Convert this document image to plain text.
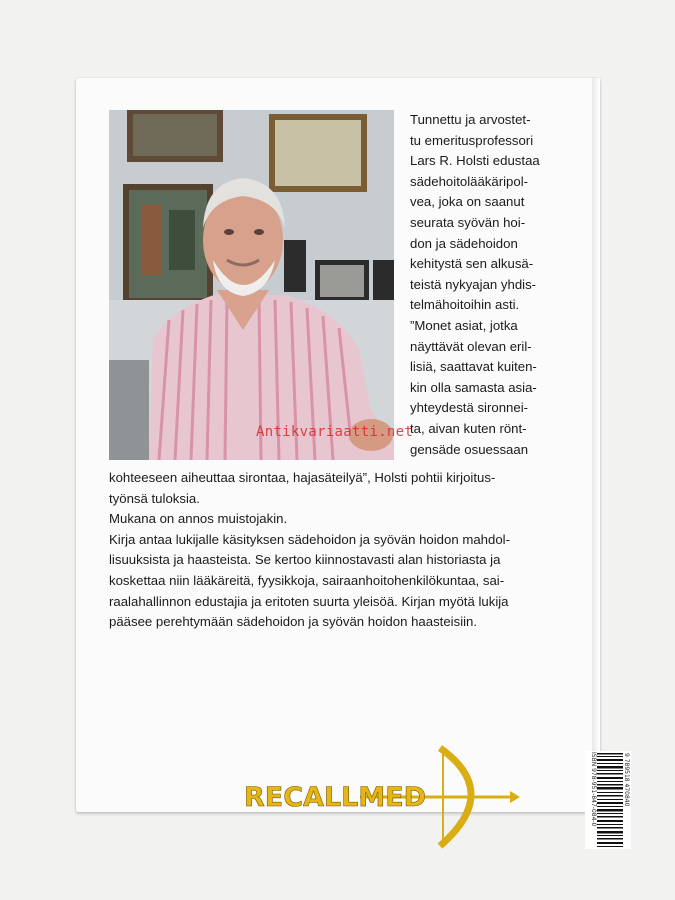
Tunnettu ja arvostet-
tu emeritusprofessori
Lars R. Holsti edustaa
sädehoitolääkäripol-
vea, joka on saanut
seurata syövän hoi-
don ja sädehoidon
kehitystä sen alkusä-
teistä nykyajan yhdis-
telmähoitoihin asti.
”Monet asiat, jotka
näyttävät olevan eril-
lisiä, saattavat kuiten-
kin olla samasta asia-
yhteydestä sironnei-
ta, aivan kuten rönt-
gensäde osuessaan
kohteeseen aiheuttaa sirontaa, hajasäteilyä”, Holsti pohtii kirjoitus-
työnsä tuloksia.
Mukana on annos muistojakin.
Kirja antaa lukijalle käsityksen sädehoidon ja syövän hoidon mahdol-
lisuuksista ja haasteista. Se kertoo kiinnostavasti alan historiasta ja
koskettaa niin lääkäreitä, fyysikkoja, sairaanhoitohenkilökuntaa, sai-
raalahallinnon edustajia ja eritoten suurta yleisöä. Kirjan myötä lukija
pääsee perehtymään sädehoidon ja syövän hoidon haasteisiin.
RECALLMED	ISBN 978-951-847-084-0	9 789518 470840
Antikvariaatti.net
